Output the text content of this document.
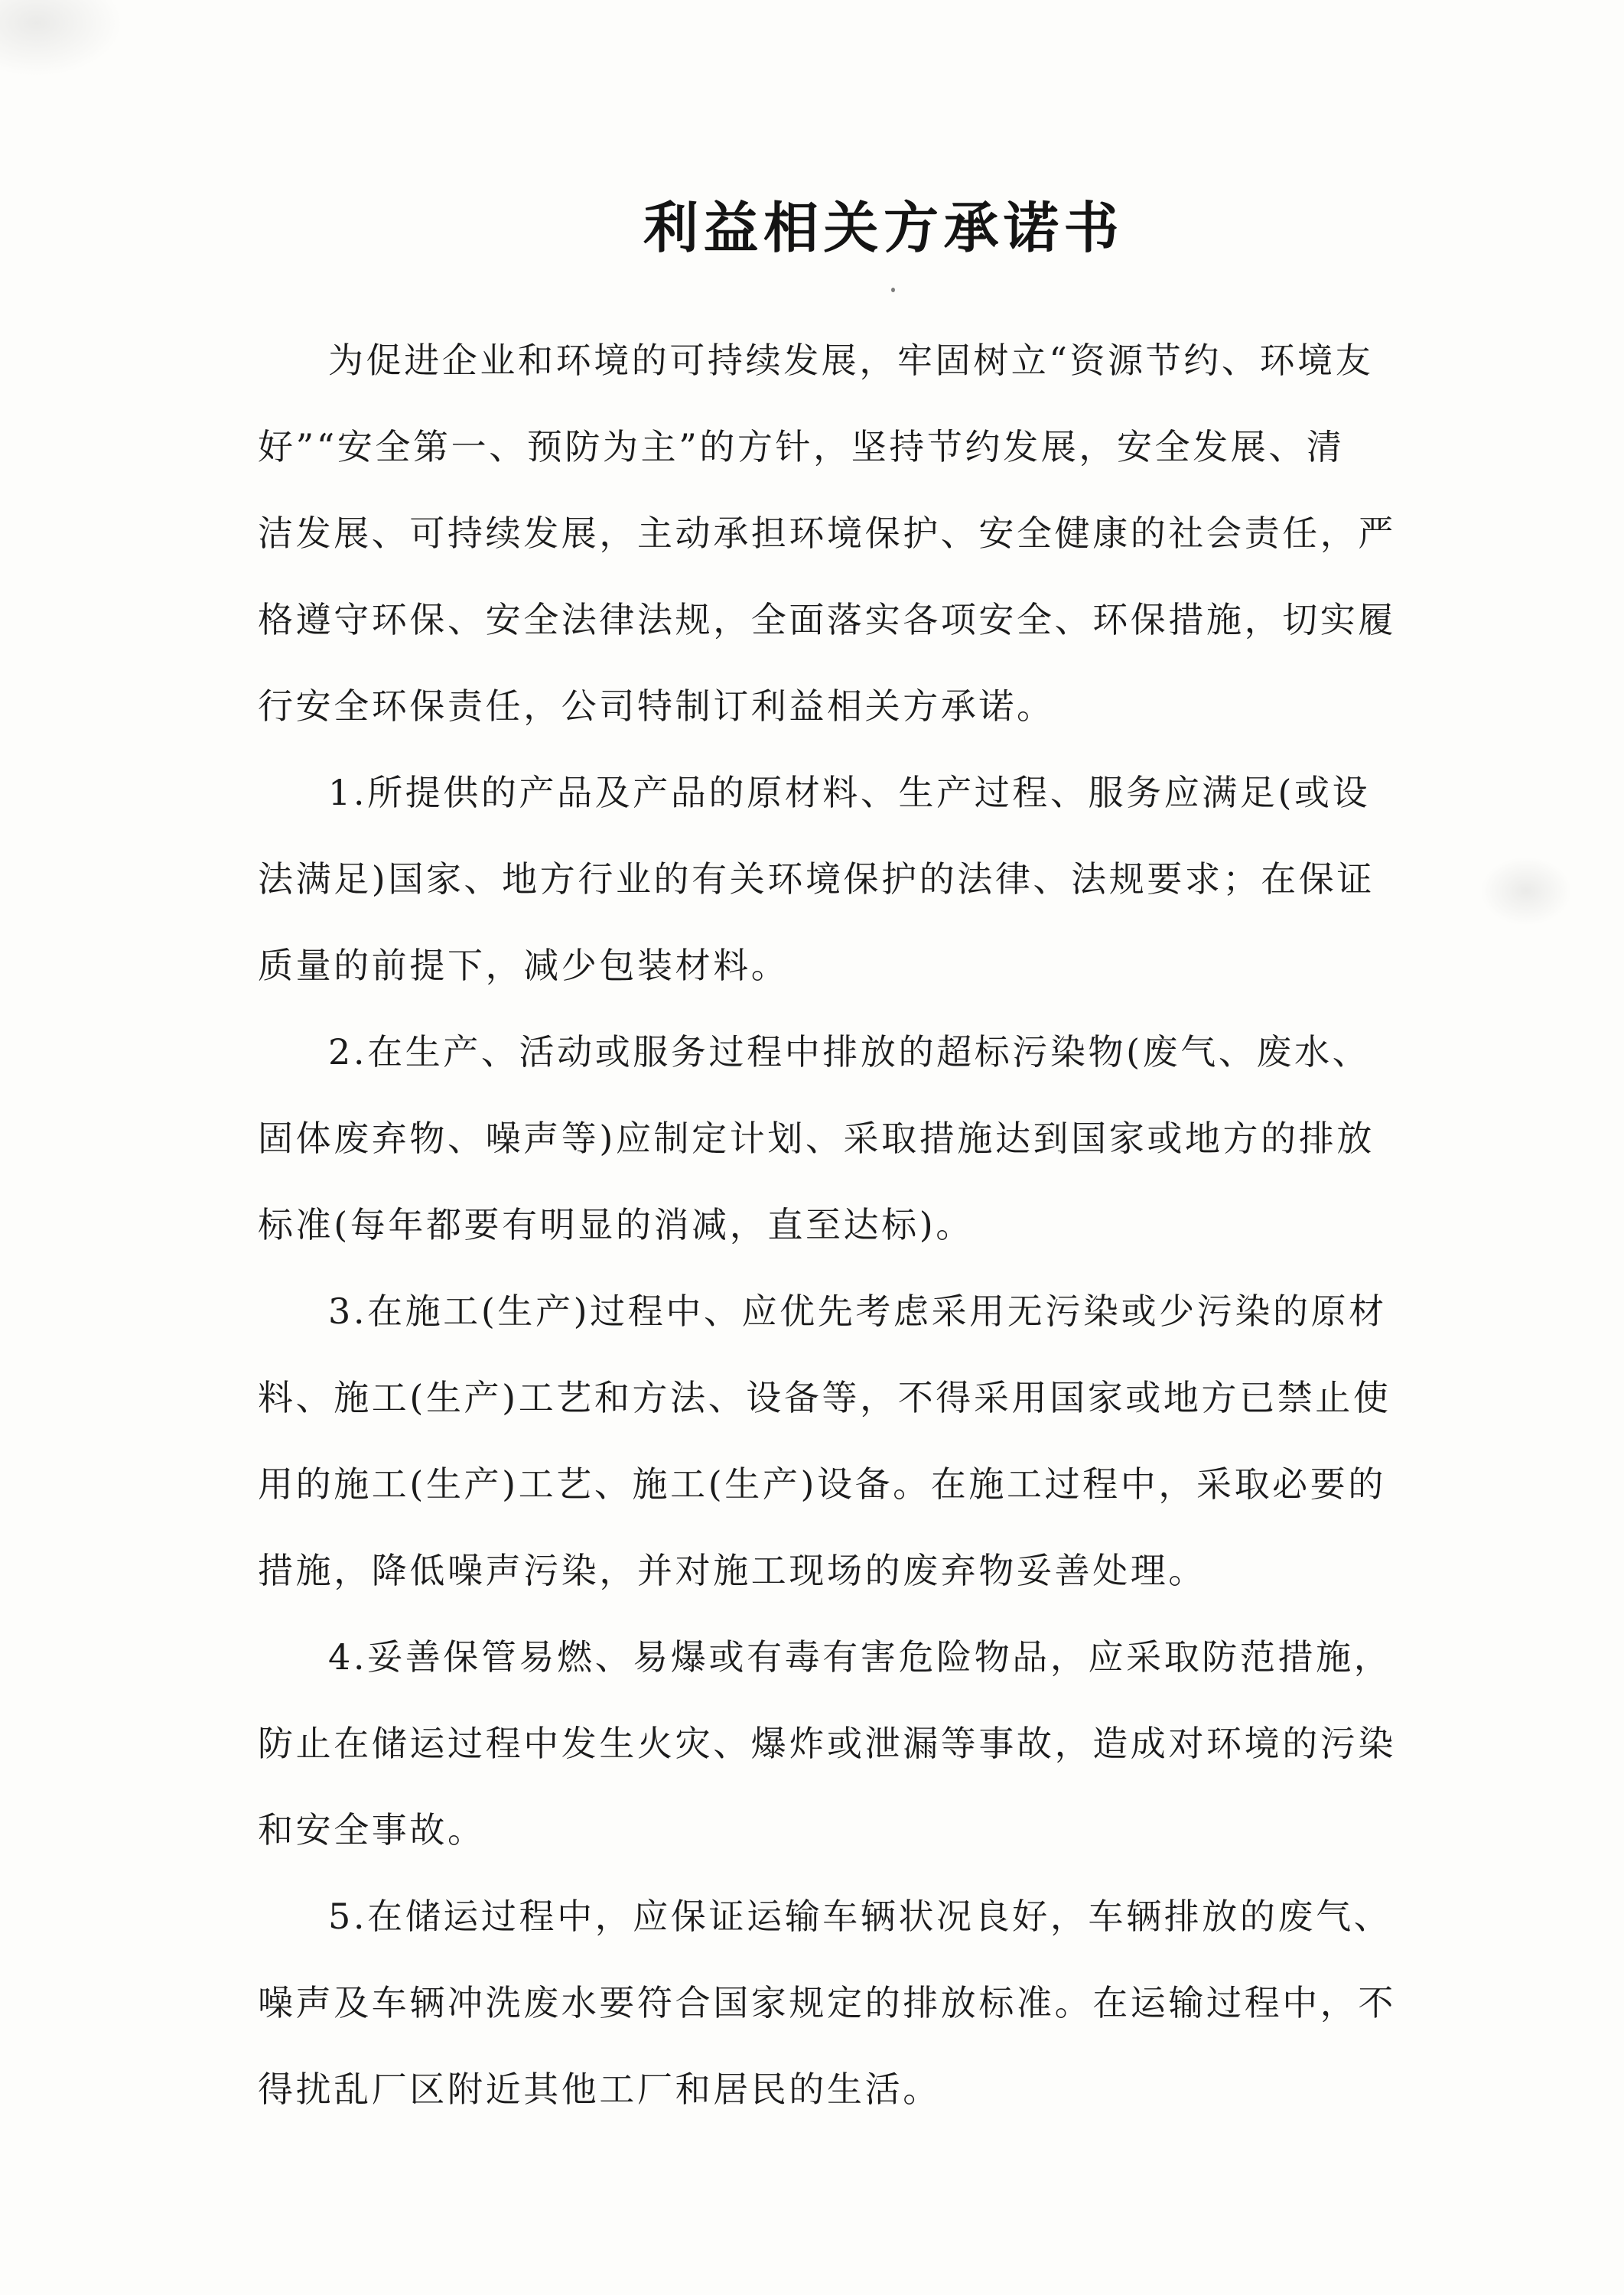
利益相关方承诺书
为促进企业和环境的可持续发展，牢固树立“资源节约、环境友
好”“安全第一、预防为主”的方针，坚持节约发展，安全发展、清
洁发展、可持续发展，主动承担环境保护、安全健康的社会责任，严
格遵守环保、安全法律法规，全面落实各项安全、环保措施，切实履
行安全环保责任，公司特制订利益相关方承诺。
1.所提供的产品及产品的原材料、生产过程、服务应满足(或设
法满足)国家、地方行业的有关环境保护的法律、法规要求；在保证
质量的前提下，减少包装材料。
2.在生产、活动或服务过程中排放的超标污染物(废气、废水、
固体废弃物、噪声等)应制定计划、采取措施达到国家或地方的排放
标准(每年都要有明显的消减，直至达标)。
3.在施工(生产)过程中、应优先考虑采用无污染或少污染的原材
料、施工(生产)工艺和方法、设备等，不得采用国家或地方已禁止使
用的施工(生产)工艺、施工(生产)设备。在施工过程中，采取必要的
措施，降低噪声污染，并对施工现场的废弃物妥善处理。
4.妥善保管易燃、易爆或有毒有害危险物品，应采取防范措施，
防止在储运过程中发生火灾、爆炸或泄漏等事故，造成对环境的污染
和安全事故。
5.在储运过程中，应保证运输车辆状况良好，车辆排放的废气、
噪声及车辆冲洗废水要符合国家规定的排放标准。在运输过程中，不
得扰乱厂区附近其他工厂和居民的生活。
